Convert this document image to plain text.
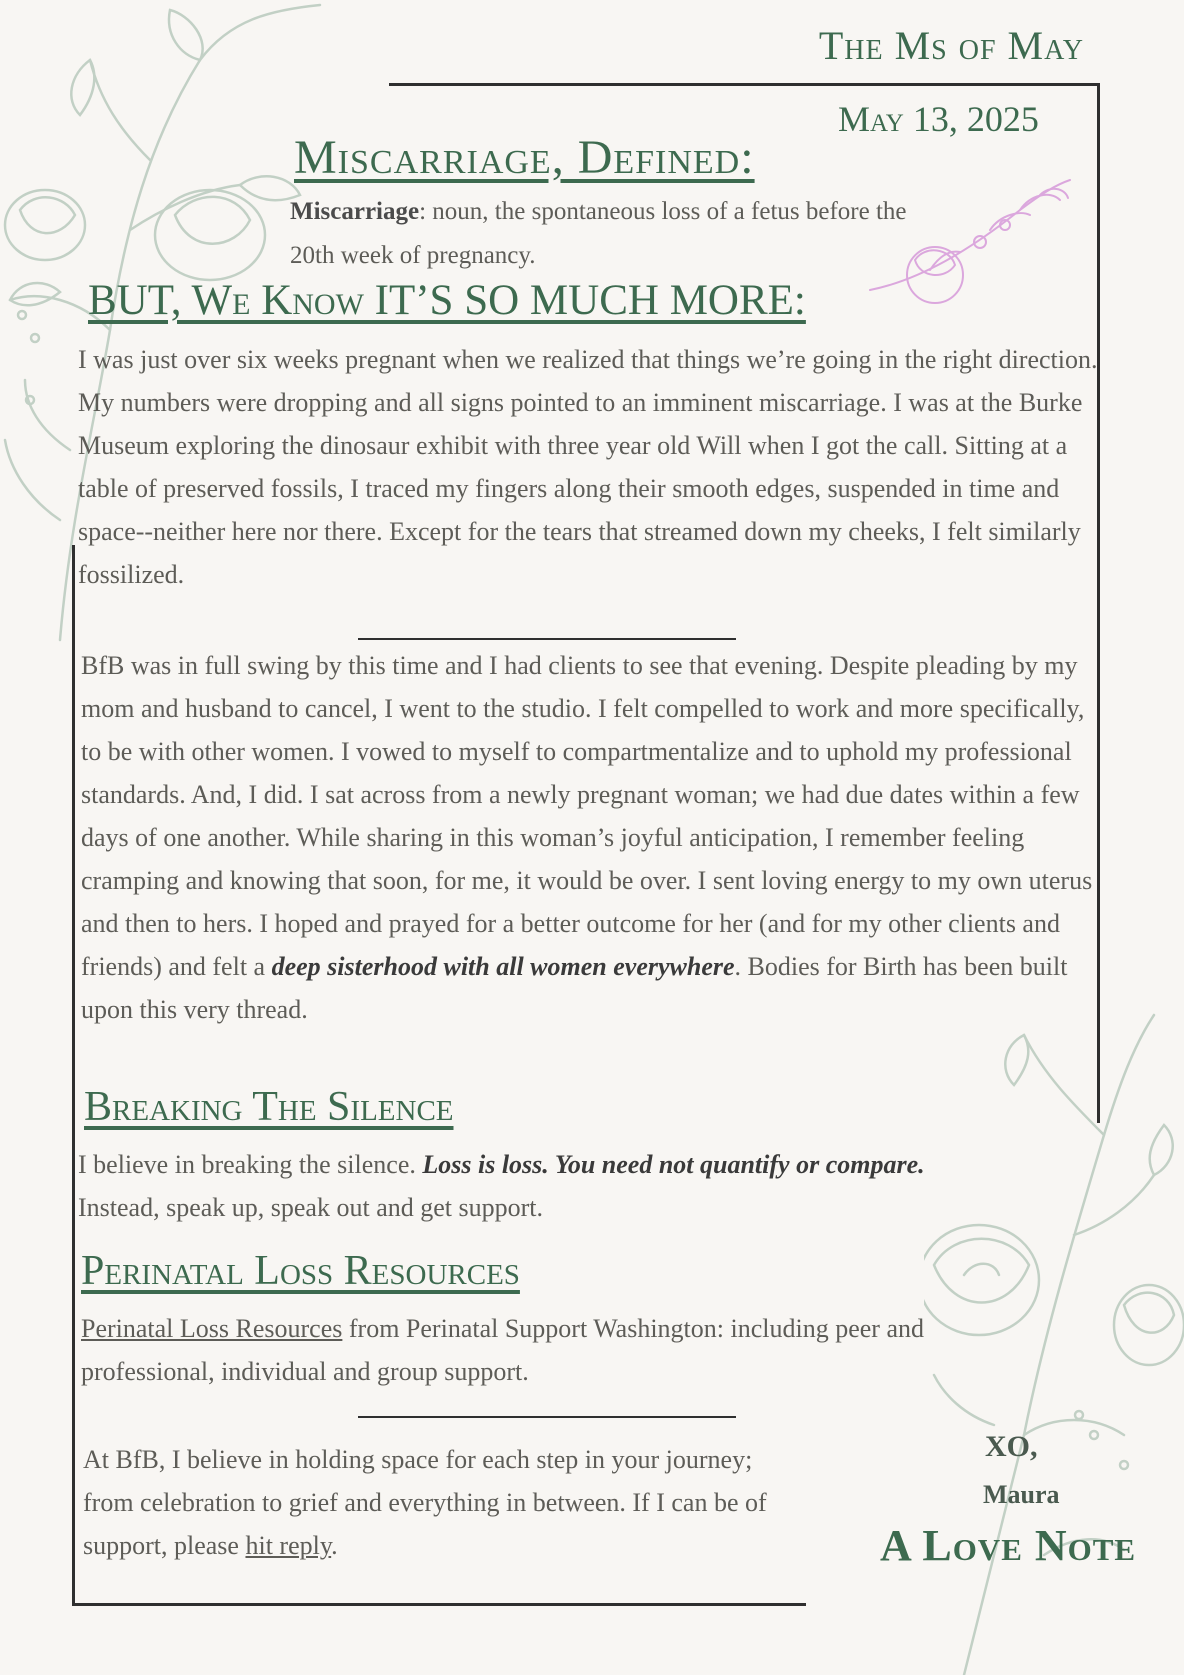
The Ms of May
May 13, 2025
Miscarriage, Defined:
Miscarriage: noun, the spontaneous loss of a fetus before the 20th week of pregnancy.
BUT, We Know IT’S SO MUCH MORE:
I was just over six weeks pregnant when we realized that things we’re going in the right direction. My numbers were dropping and all signs pointed to an imminent miscarriage. I was at the Burke Museum exploring the dinosaur exhibit with three year old Will when I got the call. Sitting at a table of preserved fossils, I traced my fingers along their smooth edges, suspended in time and space--neither here nor there. Except for the tears that streamed down my cheeks, I felt similarly fossilized.
BfB was in full swing by this time and I had clients to see that evening. Despite pleading by my mom and husband to cancel, I went to the studio. I felt compelled to work and more specifically, to be with other women. I vowed to myself to compartmentalize and to uphold my professional standards. And, I did. I sat across from a newly pregnant woman; we had due dates within a few days of one another. While sharing in this woman’s joyful anticipation, I remember feeling cramping and knowing that soon, for me, it would be over. I sent loving energy to my own uterus and then to hers. I hoped and prayed for a better outcome for her (and for my other clients and friends) and felt a deep sisterhood with all women everywhere. Bodies for Birth has been built upon this very thread.
Breaking The Silence
I believe in breaking the silence. Loss is loss. You need not quantify or compare. Instead, speak up, speak out and get support.
Perinatal Loss Resources
Perinatal Loss Resources from Perinatal Support Washington: including peer and professional, individual and group support.
At BfB, I believe in holding space for each step in your journey; from celebration to grief and everything in between. If I can be of support, please hit reply.
XO,
Maura
A Love Note
